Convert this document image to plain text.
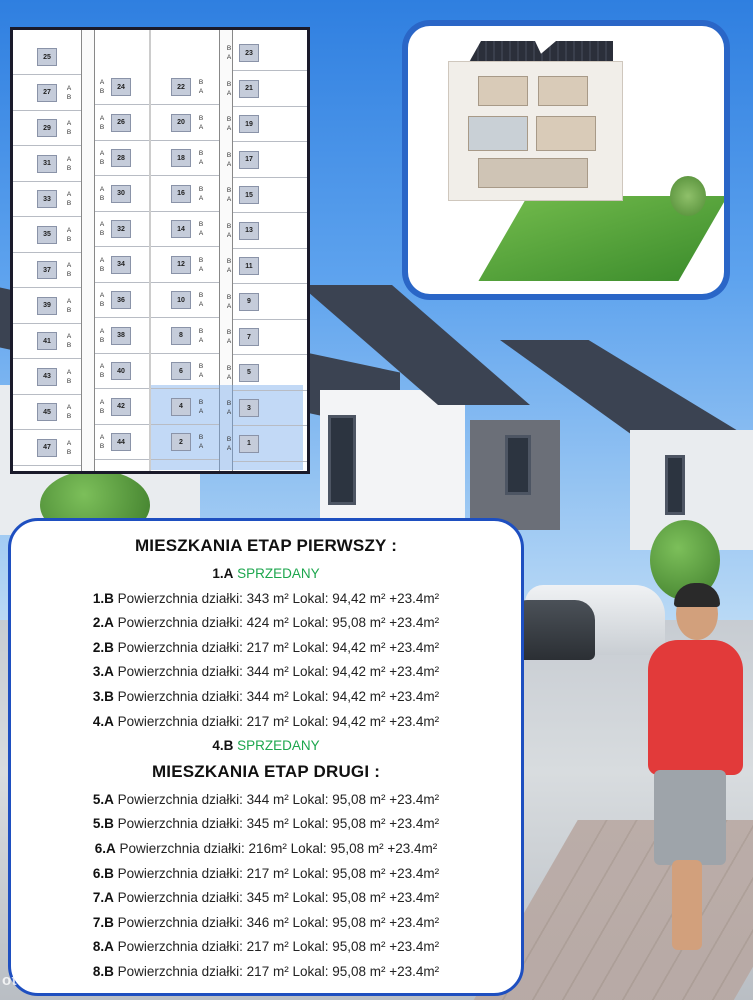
25
27
A
B
29
A
B
31
A
B
33
A
B
35
A
B
37
A
B
39
A
B
41
A
B
43
A
B
45
A
B
47
A
B
24
A
B
26
A
B
28
A
B
30
A
B
32
A
B
34
A
B
36
A
B
38
A
B
40
A
B
42
A
B
44
A
B
22
B
A
20
B
A
18
B
A
16
B
A
14
B
A
12
B
A
10
B
A
8
B
A
6
B
A
4
B
A
2
B
A
23
B
A
21
B
A
19
B
A
17
B
A
15
B
A
13
B
A
11
B
A
9
B
A
7
B
A
5
B
A
3
B
A
1
B
A
MIESZKANIA ETAP PIERWSZY :
1.A SPRZEDANY
1.B Powierzchnia działki: 343 m² Lokal: 94,42 m² +23.4m²
2.A Powierzchnia działki: 424 m² Lokal: 95,08 m² +23.4m²
2.B Powierzchnia działki: 217 m² Lokal: 94,42 m² +23.4m²
3.A Powierzchnia działki: 344 m² Lokal: 94,42 m² +23.4m²
3.B Powierzchnia działki: 344 m² Lokal: 94,42 m² +23.4m²
4.A Powierzchnia działki: 217 m² Lokal: 94,42 m² +23.4m²
4.B SPRZEDANY
MIESZKANIA ETAP DRUGI :
5.A Powierzchnia działki: 344 m² Lokal: 95,08 m² +23.4m²
5.B Powierzchnia działki: 345 m² Lokal: 95,08 m² +23.4m²
6.A Powierzchnia działki: 216m² Lokal: 95,08 m² +23.4m²
6.B Powierzchnia działki: 217 m² Lokal: 95,08 m² +23.4m²
7.A Powierzchnia działki: 345 m² Lokal: 95,08 m² +23.4m²
7.B Powierzchnia działki: 346 m² Lokal: 95,08 m² +23.4m²
8.A Powierzchnia działki: 217 m² Lokal: 95,08 m² +23.4m²
8.B Powierzchnia działki: 217 m² Lokal: 95,08 m² +23.4m²
otodom
